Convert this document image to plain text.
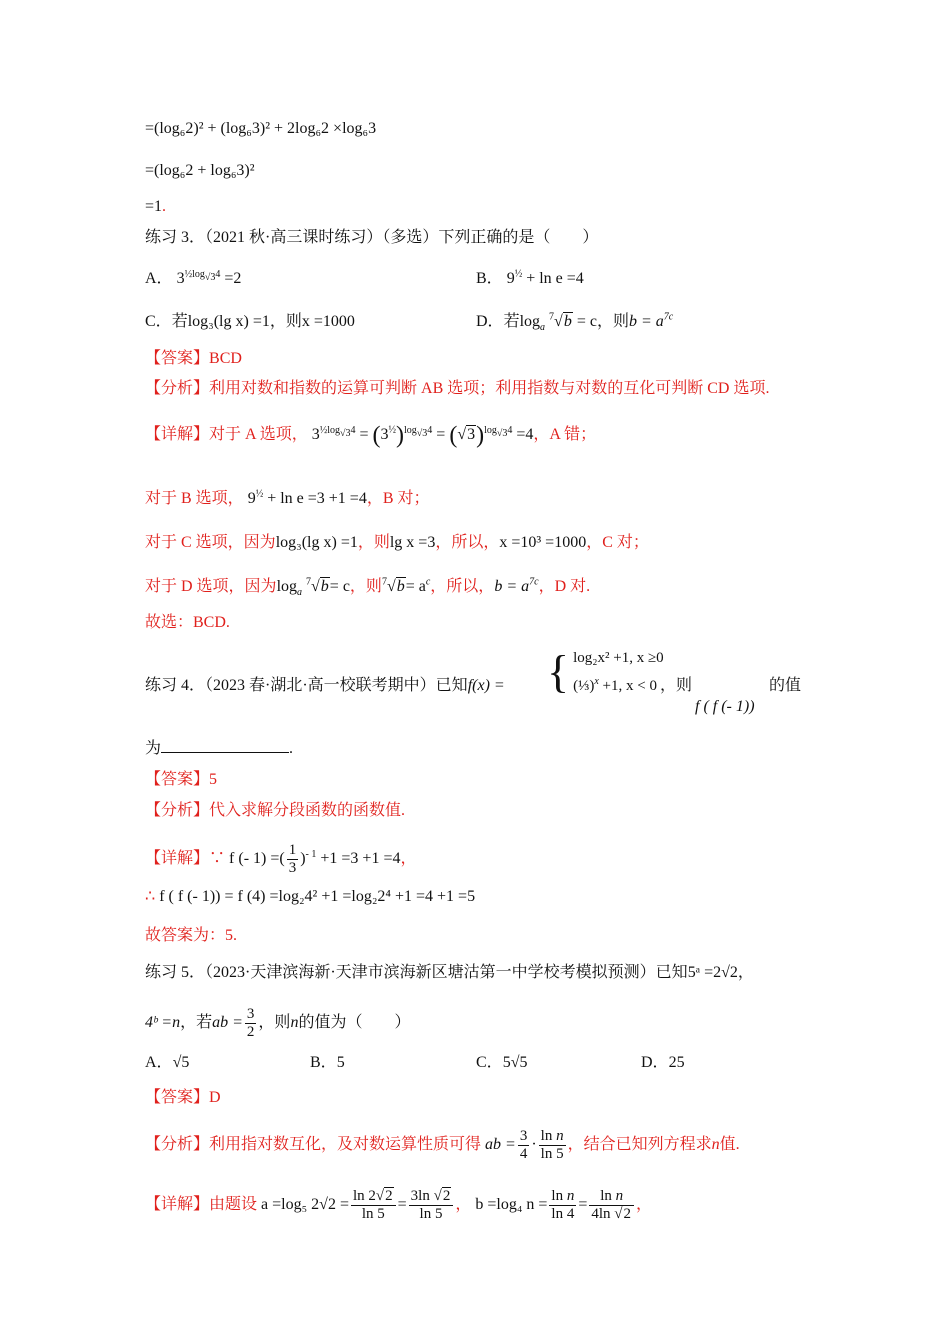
=(log₆2)² + (log₆3)² + 2log₆2 ×log₆3
=(log₆2 + log₆3)²
=1.
练习 3．（2021 秋·高三课时练习）（多选）下列正确的是（　　）
A． $3^{\frac{1}{2}log_{√3}4} =2$	B． $9^{\frac{1}{2}} + \ln e =4$
C．若log₃(lg x) =1，则x =1000	D．若$\log_a ^7√b = c$，则$b = a^{7c}$
【答案】BCD
【分析】利用对数和指数的运算可判断 AB 选项；利用指数与对数的互化可判断 CD 选项.
【详解】对于 A 选项， $3^{\frac{1}{2}log_{√3}4} = (3^{\frac{1}{2}})^{log_{√3}4} = (√3)^{log_{√3}4} =4$，A 错；
对于 B 选项， $9^{\frac{1}{2}} + \ln e =3 +1 =4$，B 对；
对于 C 选项，因为log₃(lg x) =1，则lg x =3，所以，x =10³ =1000，C 对；
对于 D 选项，因为$\log_a ^7√b= c$，则$^7√b= a^c$，所以，$b = a^{7c}$，D 对.
故选：BCD.
练习 4．（2023 春·湖北·高一校联考期中）已知f(x) = { log₂x² +1, x ≥0
(⅓)$^x$ +1, x < 0 ，则
f ( f (- 1))
的值
为	.
【答案】5
【分析】代入求解分段函数的函数值.
【详解】∵ f (- 1) =( $\frac{1}{3} )^{- 1} +1 =3 +1 =4$，
∴ f ( f (- 1)) = f (4) =log₂4² +1 =log₂2⁴ +1 =4 +1 =5
故答案为：5.
练习 5．（2023·天津滨海新·天津市滨海新区塘沽第一中学校考模拟预测）已知5ᵃ =2√2，
4ᵇ =n，若ab = $\frac{3}{2}$ ，则n的值为（　　）
A．√5	B．5	C．5√5	D．25
【答案】D
【分析】利用指对数互化，及对数运算性质可得 ab = $\frac{3}{4} \cdot \frac{\text{ln n}}{\ln 5}$ ，结合已知列方程求n值.
【详解】由题设 a =log₅ $2√2 = \frac{\ln 2√2}{\ln 5} = \frac{3\ln √2}{\ln 5}$ ， b =log₄ $n = \frac{\text{ln n}}{\ln 4} = \frac{\text{ln n}}{4\ln √2}$ ，
